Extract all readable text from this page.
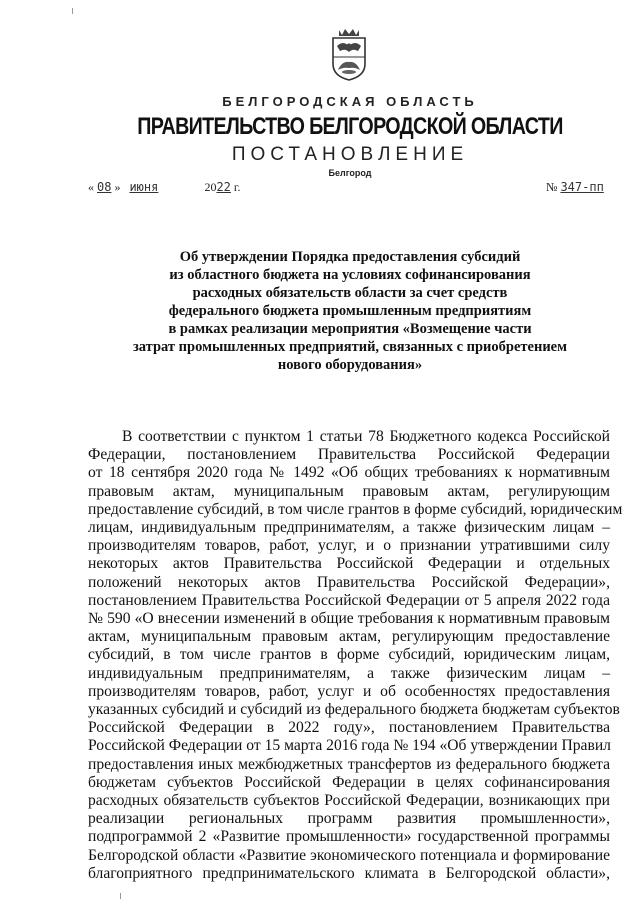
БЕЛГОРОДСКАЯ ОБЛАСТЬ
ПРАВИТЕЛЬСТВО БЕЛГОРОДСКОЙ ОБЛАСТИ
ПОСТАНОВЛЕНИЕ
Белгород
« 08 » июня	2022 г.	№ 347-пп
Об утверждении Порядка предоставления субсидий
из областного бюджета на условиях софинансирования
расходных обязательств области за счет средств
федерального бюджета промышленным предприятиям
в рамках реализации мероприятия «Возмещение части
затрат промышленных предприятий, связанных с приобретением
нового оборудования»
В соответствии с пунктом 1 статьи 78 Бюджетного кодекса Российской
Федерации, постановлением Правительства Российской Федерации
от 18 сентября 2020 года № 1492 «Об общих требованиях к нормативным
правовым актам, муниципальным правовым актам, регулирующим
предоставление субсидий, в том числе грантов в форме субсидий, юридическим
лицам, индивидуальным предпринимателям, а также физическим лицам –
производителям товаров, работ, услуг, и о признании утратившими силу
некоторых актов Правительства Российской Федерации и отдельных
положений некоторых актов Правительства Российской Федерации»,
постановлением Правительства Российской Федерации от 5 апреля 2022 года
№ 590 «О внесении изменений в общие требования к нормативным правовым
актам, муниципальным правовым актам, регулирующим предоставление
субсидий, в том числе грантов в форме субсидий, юридическим лицам,
индивидуальным предпринимателям, а также физическим лицам –
производителям товаров, работ, услуг и об особенностях предоставления
указанных субсидий и субсидий из федерального бюджета бюджетам субъектов
Российской Федерации в 2022 году», постановлением Правительства
Российской Федерации от 15 марта 2016 года № 194 «Об утверждении Правил
предоставления иных межбюджетных трансфертов из федерального бюджета
бюджетам субъектов Российской Федерации в целях софинансирования
расходных обязательств субъектов Российской Федерации, возникающих при
реализации региональных программ развития промышленности»,
подпрограммой 2 «Развитие промышленности» государственной программы
Белгородской области «Развитие экономического потенциала и формирование
благоприятного предпринимательского климата в Белгородской области»,
